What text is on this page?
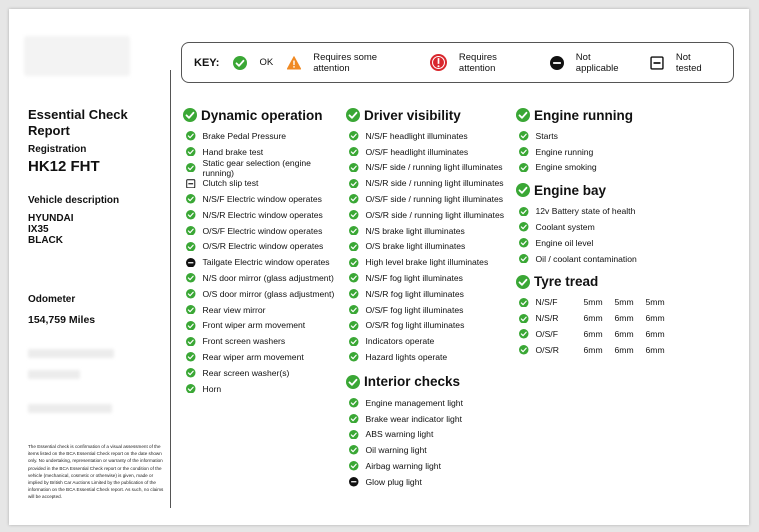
KEY:	OK	Requires some attention
Requires attention
Not applicable
Not tested
Essential Check Report
Registration
HK12 FHT
Vehicle description
HYUNDAI
IX35
BLACK
Odometer
154,759 Miles
The Essential check is confirmation of a visual assessment of the items listed on the BCA Essential Check report on the date shown only. No undertaking, representation or warranty of the information provided in the BCA Essential Check report or the condition of the vehicle (mechanical, cosmetic or otherwise) is given, made or implied by British Car Auctions Limited by the publication of the information on the BCA Essential Check report. As such, no claims will be accepted.
Dynamic operation
Brake Pedal Pressure
Hand brake test
Static gear selection (engine running)
Clutch slip test
N/S/F Electric window operates
N/S/R Electric window operates
O/S/F Electric window operates
O/S/R Electric window operates
Tailgate Electric window operates
N/S door mirror (glass adjustment)
O/S door mirror (glass adjustment)
Rear view mirror
Front wiper arm movement
Front screen washers
Rear wiper arm movement
Rear screen washer(s)
Horn
Driver visibility
N/S/F headlight illuminates
O/S/F headlight illuminates
N/S/F side / running light illuminates
N/S/R side / running light illuminates
O/S/F side / running light illuminates
O/S/R side / running light illuminates
N/S brake light illuminates
O/S brake light illuminates
High level brake light illuminates
N/S/F fog light illuminates
N/S/R fog light illuminates
O/S/F fog light illuminates
O/S/R fog light illuminates
Indicators operate
Hazard lights operate
Interior checks
Engine management light
Brake wear indicator light
ABS warning light
Oil warning light
Airbag warning light
Glow plug light
Engine running
Starts
Engine running
Engine smoking
Engine bay
12v Battery state of health
Coolant system
Engine oil level
Oil / coolant contamination
Tyre tread
N/S/F	5mm	5mm	5mm
N/S/R	6mm	6mm	6mm
O/S/F	6mm	6mm	6mm
O/S/R	6mm	6mm	6mm
